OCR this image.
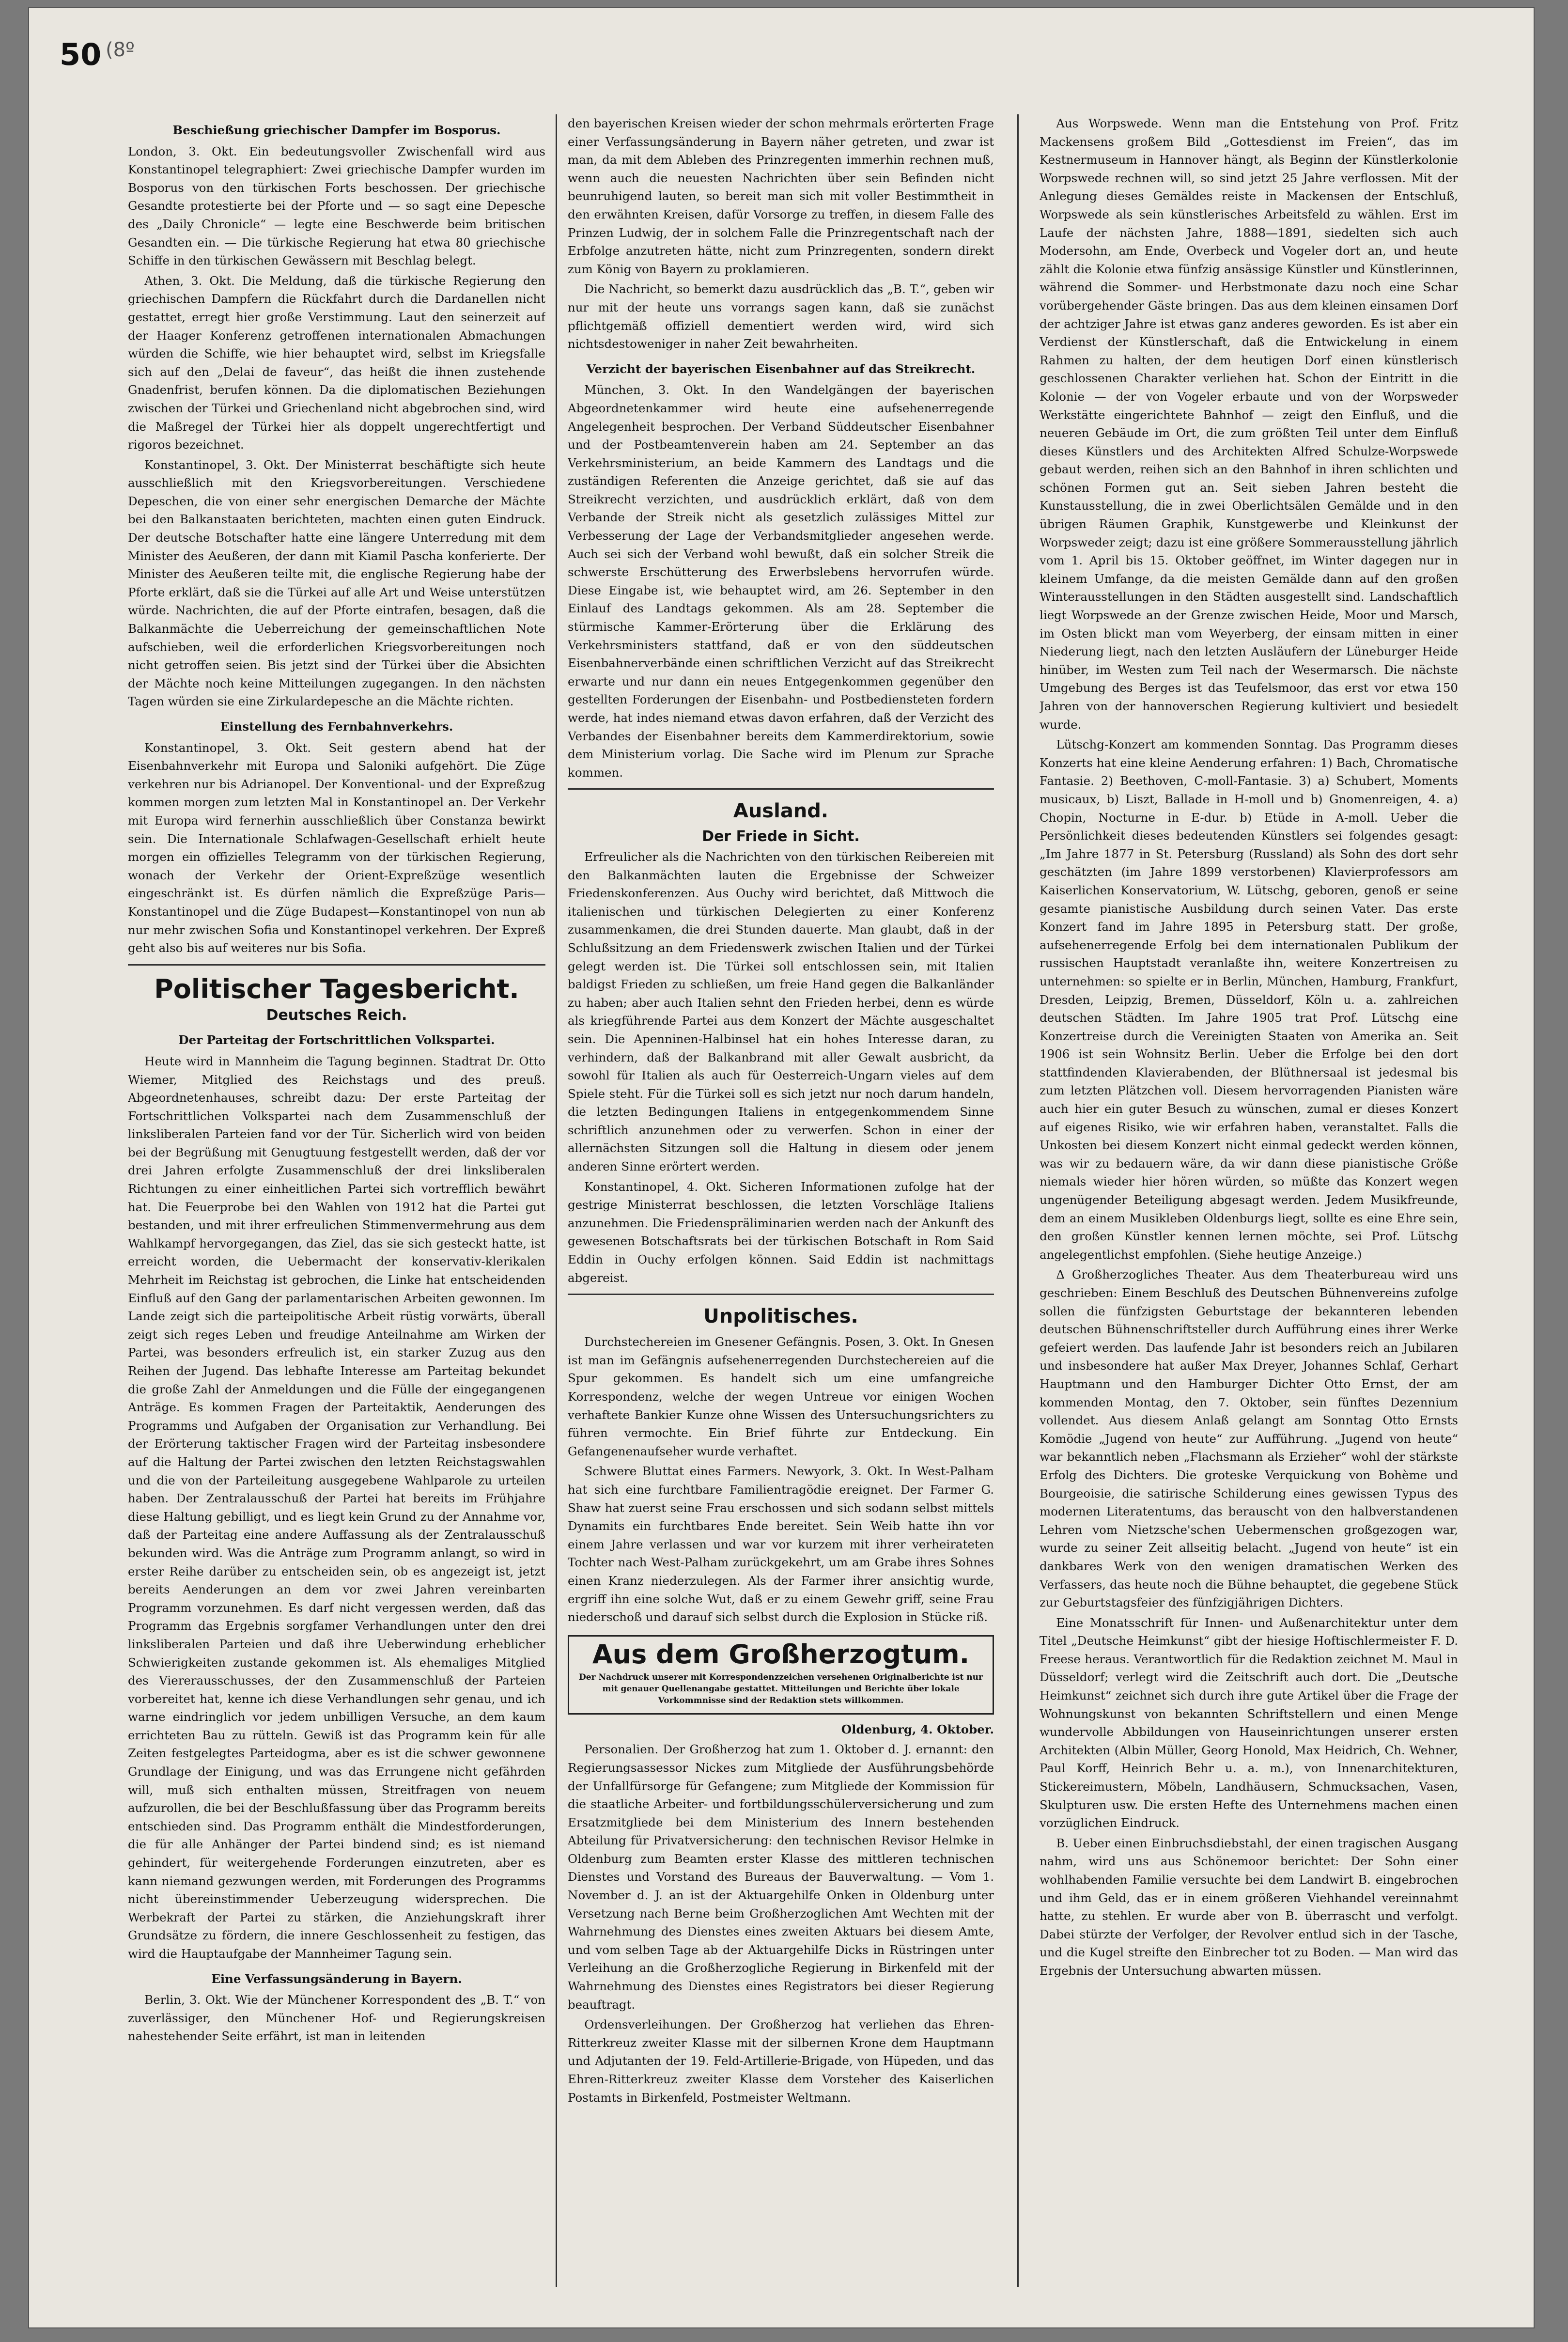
50 (8º
Beschießung griechischer Dampfer im Bosporus.

London, 3. Okt. Ein bedeutungsvoller Zwischenfall wird aus Konstantinopel telegraphiert: Zwei griechische Dampfer wurden im Bosporus von den türkischen Forts beschossen. Der griechische Gesandte protestierte bei der Pforte und — so sagt eine Depesche des „Daily Chronicle“ — legte eine Beschwerde beim britischen Gesandten ein. — Die türkische Regierung hat etwa 80 griechische Schiffe in den türkischen Gewässern mit Beschlag belegt.

Athen, 3. Okt. Die Meldung, daß die türkische Regierung den griechischen Dampfern die Rückfahrt durch die Dardanellen nicht gestattet, erregt hier große Verstimmung. Laut den seinerzeit auf der Haager Konferenz getroffenen internationalen Abmachungen würden die Schiffe, wie hier behauptet wird, selbst im Kriegsfalle sich auf den „Delai de faveur“, das heißt die ihnen zustehende Gnadenfrist, berufen können. Da die diplomatischen Beziehungen zwischen der Türkei und Griechenland nicht abgebrochen sind, wird die Maßregel der Türkei hier als doppelt ungerechtfertigt und rigoros bezeichnet.

Konstantinopel, 3. Okt. Der Ministerrat beschäftigte sich heute ausschließlich mit den Kriegsvorbereitungen. Verschiedene Depeschen, die von einer sehr energischen Demarche der Mächte bei den Balkanstaaten berichteten, machten einen guten Eindruck. Der deutsche Botschafter hatte eine längere Unterredung mit dem Minister des Aeußeren, der dann mit Kiamil Pascha konferierte. Der Minister des Aeußeren teilte mit, die englische Regierung habe der Pforte erklärt, daß sie die Türkei auf alle Art und Weise unterstützen würde. Nachrichten, die auf der Pforte eintrafen, besagen, daß die Balkanmächte die Ueberreichung der gemeinschaftlichen Note aufschieben, weil die erforderlichen Kriegsvorbereitungen noch nicht getroffen seien. Bis jetzt sind der Türkei über die Absichten der Mächte noch keine Mitteilungen zugegangen. In den nächsten Tagen würden sie eine Zirkulardepesche an die Mächte richten.

Einstellung des Fernbahnverkehrs.

Konstantinopel, 3. Okt. Seit gestern abend hat der Eisenbahnverkehr mit Europa und Saloniki aufgehört. Die Züge verkehren nur bis Adrianopel. Der Konventional- und der Expreßzug kommen morgen zum letzten Mal in Konstantinopel an. Der Verkehr mit Europa wird fernerhin ausschließlich über Constanza bewirkt sein. Die Internationale Schlafwagen-Gesellschaft erhielt heute morgen ein offizielles Telegramm von der türkischen Regierung, wonach der Verkehr der Orient-Expreßzüge wesentlich eingeschränkt ist. Es dürfen nämlich die Expreßzüge Paris—Konstantinopel und die Züge Budapest—Konstantinopel von nun ab nur mehr zwischen Sofia und Konstantinopel verkehren. Der Expreß geht also bis auf weiteres nur bis Sofia.

Politischer Tagesbericht.
Deutsches Reich.
Der Parteitag der Fortschrittlichen Volkspartei.

Heute wird in Mannheim die Tagung beginnen. Stadtrat Dr. Otto Wiemer, Mitglied des Reichstags und des preuß. Abgeordnetenhauses, schreibt dazu: Der erste Parteitag der Fortschrittlichen Volkspartei nach dem Zusammenschluß der linksliberalen Parteien fand vor der Tür. Sicherlich wird von beiden bei der Begrüßung mit Genugtuung festgestellt werden, daß der vor drei Jahren erfolgte Zusammenschluß der drei linksliberalen Richtungen zu einer einheitlichen Partei sich vortrefflich bewährt hat. Die Feuerprobe bei den Wahlen von 1912 hat die Partei gut bestanden, und mit ihrer erfreulichen Stimmenvermehrung aus dem Wahlkampf hervorgegangen, das Ziel, das sie sich gesteckt hatte, ist erreicht worden, die Uebermacht der konservativ-klerikalen Mehrheit im Reichstag ist gebrochen, die Linke hat entscheidenden Einfluß auf den Gang der parlamentarischen Arbeiten gewonnen. Im Lande zeigt sich die parteipolitische Arbeit rüstig vorwärts, überall zeigt sich reges Leben und freudige Anteilnahme am Wirken der Partei, was besonders erfreulich ist, ein starker Zuzug aus den Reihen der Jugend. Das lebhafte Interesse am Parteitag bekundet die große Zahl der Anmeldungen und die Fülle der eingegangenen Anträge. Es kommen Fragen der Parteitaktik, Aenderungen des Programms und Aufgaben der Organisation zur Verhandlung. Bei der Erörterung taktischer Fragen wird der Parteitag insbesondere auf die Haltung der Partei zwischen den letzten Reichstagswahlen und die von der Parteileitung ausgegebene Wahlparole zu urteilen haben. Der Zentralausschuß der Partei hat bereits im Frühjahre diese Haltung gebilligt, und es liegt kein Grund zu der Annahme vor, daß der Parteitag eine andere Auffassung als der Zentralausschuß bekunden wird. Was die Anträge zum Programm anlangt, so wird in erster Reihe darüber zu entscheiden sein, ob es angezeigt ist, jetzt bereits Aenderungen an dem vor zwei Jahren vereinbarten Programm vorzunehmen. Es darf nicht vergessen werden, daß das Programm das Ergebnis sorgfamer Verhandlungen unter den drei linksliberalen Parteien und daß ihre Ueberwindung erheblicher Schwierigkeiten zustande gekommen ist. Als ehemaliges Mitglied des Viererausschusses, der den Zusammenschluß der Parteien vorbereitet hat, kenne ich diese Verhandlungen sehr genau, und ich warne eindringlich vor jedem unbilligen Versuche, an dem kaum errichteten Bau zu rütteln. Gewiß ist das Programm kein für alle Zeiten festgelegtes Parteidogma, aber es ist die schwer gewonnene Grundlage der Einigung, und was das Errungene nicht gefährden will, muß sich enthalten müssen, Streitfragen von neuem aufzurollen, die bei der Beschlußfassung über das Programm bereits entschieden sind. Das Programm enthält die Mindestforderungen, die für alle Anhänger der Partei bindend sind; es ist niemand gehindert, für weitergehende Forderungen einzutreten, aber es kann niemand gezwungen werden, mit Forderungen des Programms nicht übereinstimmender Ueberzeugung widersprechen. Die Werbekraft der Partei zu stärken, die Anziehungskraft ihrer Grundsätze zu fördern, die innere Geschlossenheit zu festigen, das wird die Hauptaufgabe der Mannheimer Tagung sein.

Eine Verfassungsänderung in Bayern.

Berlin, 3. Okt. Wie der Münchener Korrespondent des „B. T.“ von zuverlässiger, den Münchener Hof- und Regierungskreisen nahestehender Seite erfährt, ist man in leitenden

den bayerischen Kreisen wieder der schon mehrmals erörterten Frage einer Verfassungsänderung in Bayern näher getreten, und zwar ist man, da mit dem Ableben des Prinzregenten immerhin rechnen muß, wenn auch die neuesten Nachrichten über sein Befinden nicht beunruhigend lauten, so bereit man sich mit voller Bestimmtheit in den erwähnten Kreisen, dafür Vorsorge zu treffen, in diesem Falle des Prinzen Ludwig, der in solchem Falle die Prinzregentschaft nach der Erbfolge anzutreten hätte, nicht zum Prinzregenten, sondern direkt zum König von Bayern zu proklamieren.

Die Nachricht, so bemerkt dazu ausdrücklich das „B. T.“, geben wir nur mit der heute uns vorrangs sagen kann, daß sie zunächst pflichtgemäß offiziell dementiert werden wird, wird sich nichtsdestoweniger in naher Zeit bewahrheiten.

Verzicht der bayerischen Eisenbahner auf das Streikrecht.

München, 3. Okt. In den Wandelgängen der bayerischen Abgeordnetenkammer wird heute eine aufsehenerregende Angelegenheit besprochen. Der Verband Süddeutscher Eisenbahner und der Postbeamtenverein haben am 24. September an das Verkehrsministerium, an beide Kammern des Landtags und die zuständigen Referenten die Anzeige gerichtet, daß sie auf das Streikrecht verzichten, und ausdrücklich erklärt, daß von dem Verbande der Streik nicht als gesetzlich zulässiges Mittel zur Verbesserung der Lage der Verbandsmitglieder angesehen werde. Auch sei sich der Verband wohl bewußt, daß ein solcher Streik die schwerste Erschütterung des Erwerbslebens hervorrufen würde. Diese Eingabe ist, wie behauptet wird, am 26. September in den Einlauf des Landtags gekommen. Als am 28. September die stürmische Kammer-Erörterung über die Erklärung des Verkehrsministers stattfand, daß er von den süddeutschen Eisenbahnerverbände einen schriftlichen Verzicht auf das Streikrecht erwarte und nur dann ein neues Entgegenkommen gegenüber den gestellten Forderungen der Eisenbahn- und Postbediensteten fordern werde, hat indes niemand etwas davon erfahren, daß der Verzicht des Verbandes der Eisenbahner bereits dem Kammerdirektorium, sowie dem Ministerium vorlag. Die Sache wird im Plenum zur Sprache kommen.

Ausland.
Der Friede in Sicht.

Erfreulicher als die Nachrichten von den türkischen Reibereien mit den Balkanmächten lauten die Ergebnisse der Schweizer Friedenskonferenzen. Aus Ouchy wird berichtet, daß Mittwoch die italienischen und türkischen Delegierten zu einer Konferenz zusammenkamen, die drei Stunden dauerte. Man glaubt, daß in der Schlußsitzung an dem Friedenswerk zwischen Italien und der Türkei gelegt werden ist. Die Türkei soll entschlossen sein, mit Italien baldigst Frieden zu schließen, um freie Hand gegen die Balkanländer zu haben; aber auch Italien sehnt den Frieden herbei, denn es würde als kriegführende Partei aus dem Konzert der Mächte ausgeschaltet sein. Die Apenninen-Halbinsel hat ein hohes Interesse daran, zu verhindern, daß der Balkanbrand mit aller Gewalt ausbricht, da sowohl für Italien als auch für Oesterreich-Ungarn vieles auf dem Spiele steht. Für die Türkei soll es sich jetzt nur noch darum handeln, die letzten Bedingungen Italiens in entgegenkommendem Sinne schriftlich anzunehmen oder zu verwerfen. Schon in einer der allernächsten Sitzungen soll die Haltung in diesem oder jenem anderen Sinne erörtert werden.

Konstantinopel, 4. Okt. Sicheren Informationen zufolge hat der gestrige Ministerrat beschlossen, die letzten Vorschläge Italiens anzunehmen. Die Friedenspräliminarien werden nach der Ankunft des gewesenen Botschaftsrats bei der türkischen Botschaft in Rom Said Eddin in Ouchy erfolgen können. Said Eddin ist nachmittags abgereist.

Unpolitisches.

Durchstechereien im Gnesener Gefängnis. Posen, 3. Okt. In Gnesen ist man im Gefängnis aufsehenerregenden Durchstechereien auf die Spur gekommen. Es handelt sich um eine umfangreiche Korrespondenz, welche der wegen Untreue vor einigen Wochen verhaftete Bankier Kunze ohne Wissen des Untersuchungsrichters zu führen vermochte. Ein Brief führte zur Entdeckung. Ein Gefangenenaufseher wurde verhaftet.

Schwere Bluttat eines Farmers. Newyork, 3. Okt. In West-Palham hat sich eine furchtbare Familientragödie ereignet. Der Farmer G. Shaw hat zuerst seine Frau erschossen und sich sodann selbst mittels Dynamits ein furchtbares Ende bereitet. Sein Weib hatte ihn vor einem Jahre verlassen und war vor kurzem mit ihrer verheirateten Tochter nach West-Palham zurückgekehrt, um am Grabe ihres Sohnes einen Kranz niederzulegen. Als der Farmer ihrer ansichtig wurde, ergriff ihn eine solche Wut, daß er zu einem Gewehr griff, seine Frau niederschoß und darauf sich selbst durch die Explosion in Stücke riß.

Aus dem Großherzogtum.
Der Nachdruck unserer mit Korrespondenzzeichen versehenen Originalberichte ist nur mit genauer Quellenangabe gestattet. Mitteilungen und Berichte über lokale Vorkommnisse sind der Redaktion stets willkommen.
Oldenburg, 4. Oktober.

Personalien. Der Großherzog hat zum 1. Oktober d. J. ernannt: den Regierungsassessor Nickes zum Mitgliede der Ausführungsbehörde der Unfallfürsorge für Gefangene; zum Mitgliede der Kommission für die staatliche Arbeiter- und fortbildungsschülerversicherung und zum Ersatzmitgliede bei dem Ministerium des Innern bestehenden Abteilung für Privatversicherung: den technischen Revisor Helmke in Oldenburg zum Beamten erster Klasse des mittleren technischen Dienstes und Vorstand des Bureaus der Bauverwaltung. — Vom 1. November d. J. an ist der Aktuargehilfe Onken in Oldenburg unter Versetzung nach Berne beim Großherzoglichen Amt Wechten mit der Wahrnehmung des Dienstes eines zweiten Aktuars bei diesem Amte, und vom selben Tage ab der Aktuargehilfe Dicks in Rüstringen unter Verleihung an die Großherzogliche Regierung in Birkenfeld mit der Wahrnehmung des Dienstes eines Registrators bei dieser Regierung beauftragt.

Ordensverleihungen. Der Großherzog hat verliehen das Ehren-Ritterkreuz zweiter Klasse mit der silbernen Krone dem Hauptmann und Adjutanten der 19. Feld-Artillerie-Brigade, von Hüpeden, und das Ehren-Ritterkreuz zweiter Klasse dem Vorsteher des Kaiserlichen Postamts in Birkenfeld, Postmeister Weltmann.

Aus Worpswede. Wenn man die Entstehung von Prof. Fritz Mackensens großem Bild „Gottesdienst im Freien“, das im Kestnermuseum in Hannover hängt, als Beginn der Künstlerkolonie Worpswede rechnen will, so sind jetzt 25 Jahre verflossen. Mit der Anlegung dieses Gemäldes reiste in Mackensen der Entschluß, Worpswede als sein künstlerisches Arbeitsfeld zu wählen. Erst im Laufe der nächsten Jahre, 1888—1891, siedelten sich auch Modersohn, am Ende, Overbeck und Vogeler dort an, und heute zählt die Kolonie etwa fünfzig ansässige Künstler und Künstlerinnen, während die Sommer- und Herbstmonate dazu noch eine Schar vorübergehender Gäste bringen. Das aus dem kleinen einsamen Dorf der achtziger Jahre ist etwas ganz anderes geworden. Es ist aber ein Verdienst der Künstlerschaft, daß die Entwickelung in einem Rahmen zu halten, der dem heutigen Dorf einen künstlerisch geschlossenen Charakter verliehen hat. Schon der Eintritt in die Kolonie — der von Vogeler erbaute und von der Worpsweder Werkstätte eingerichtete Bahnhof — zeigt den Einfluß, und die neueren Gebäude im Ort, die zum größten Teil unter dem Einfluß dieses Künstlers und des Architekten Alfred Schulze-Worpswede gebaut werden, reihen sich an den Bahnhof in ihren schlichten und schönen Formen gut an. Seit sieben Jahren besteht die Kunstausstellung, die in zwei Oberlichtsälen Gemälde und in den übrigen Räumen Graphik, Kunstgewerbe und Kleinkunst der Worpsweder zeigt; dazu ist eine größere Sommerausstellung jährlich vom 1. April bis 15. Oktober geöffnet, im Winter dagegen nur in kleinem Umfange, da die meisten Gemälde dann auf den großen Winterausstellungen in den Städten ausgestellt sind. Landschaftlich liegt Worpswede an der Grenze zwischen Heide, Moor und Marsch, im Osten blickt man vom Weyerberg, der einsam mitten in einer Niederung liegt, nach den letzten Ausläufern der Lüneburger Heide hinüber, im Westen zum Teil nach der Wesermarsch. Die nächste Umgebung des Berges ist das Teufelsmoor, das erst vor etwa 150 Jahren von der hannoverschen Regierung kultiviert und besiedelt wurde.

Lütschg-Konzert am kommenden Sonntag. Das Programm dieses Konzerts hat eine kleine Aenderung erfahren: 1) Bach, Chromatische Fantasie. 2) Beethoven, C-moll-Fantasie. 3) a) Schubert, Moments musicaux, b) Liszt, Ballade in H-moll und b) Gnomenreigen, 4. a) Chopin, Nocturne in E-dur. b) Etüde in A-moll. Ueber die Persönlichkeit dieses bedeutenden Künstlers sei folgendes gesagt: „Im Jahre 1877 in St. Petersburg (Russland) als Sohn des dort sehr geschätzten (im Jahre 1899 verstorbenen) Klavierprofessors am Kaiserlichen Konservatorium, W. Lütschg, geboren, genoß er seine gesamte pianistische Ausbildung durch seinen Vater. Das erste Konzert fand im Jahre 1895 in Petersburg statt. Der große, aufsehenerregende Erfolg bei dem internationalen Publikum der russischen Hauptstadt veranlaßte ihn, weitere Konzertreisen zu unternehmen: so spielte er in Berlin, München, Hamburg, Frankfurt, Dresden, Leipzig, Bremen, Düsseldorf, Köln u. a. zahlreichen deutschen Städten. Im Jahre 1905 trat Prof. Lütschg eine Konzertreise durch die Vereinigten Staaten von Amerika an. Seit 1906 ist sein Wohnsitz Berlin. Ueber die Erfolge bei den dort stattfindenden Klavierabenden, der Blüthnersaal ist jedesmal bis zum letzten Plätzchen voll. Diesem hervorragenden Pianisten wäre auch hier ein guter Besuch zu wünschen, zumal er dieses Konzert auf eigenes Risiko, wie wir erfahren haben, veranstaltet. Falls die Unkosten bei diesem Konzert nicht einmal gedeckt werden können, was wir zu bedauern wäre, da wir dann diese pianistische Größe niemals wieder hier hören würden, so müßte das Konzert wegen ungenügender Beteiligung abgesagt werden. Jedem Musikfreunde, dem an einem Musikleben Oldenburgs liegt, sollte es eine Ehre sein, den großen Künstler kennen lernen möchte, sei Prof. Lütschg angelegentlichst empfohlen. (Siehe heutige Anzeige.)

Δ Großherzogliches Theater. Aus dem Theaterbureau wird uns geschrieben: Einem Beschluß des Deutschen Bühnenvereins zufolge sollen die fünfzigsten Geburtstage der bekannteren lebenden deutschen Bühnenschriftsteller durch Aufführung eines ihrer Werke gefeiert werden. Das laufende Jahr ist besonders reich an Jubilaren und insbesondere hat außer Max Dreyer, Johannes Schlaf, Gerhart Hauptmann und den Hamburger Dichter Otto Ernst, der am kommenden Montag, den 7. Oktober, sein fünftes Dezennium vollendet. Aus diesem Anlaß gelangt am Sonntag Otto Ernsts Komödie „Jugend von heute“ zur Aufführung. „Jugend von heute“ war bekanntlich neben „Flachsmann als Erzieher“ wohl der stärkste Erfolg des Dichters. Die groteske Verquickung von Bohème und Bourgeoisie, die satirische Schilderung eines gewissen Typus des modernen Literatentums, das berauscht von den halbverstandenen Lehren vom Nietzsche'schen Uebermenschen großgezogen war, wurde zu seiner Zeit allseitig belacht. „Jugend von heute“ ist ein dankbares Werk von den wenigen dramatischen Werken des Verfassers, das heute noch die Bühne behauptet, die gegebene Stück zur Geburtstagsfeier des fünfzigjährigen Dichters.

Eine Monatsschrift für Innen- und Außenarchitektur unter dem Titel „Deutsche Heimkunst“ gibt der hiesige Hoftischlermeister F. D. Freese heraus. Verantwortlich für die Redaktion zeichnet M. Maul in Düsseldorf; verlegt wird die Zeitschrift auch dort. Die „Deutsche Heimkunst“ zeichnet sich durch ihre gute Artikel über die Frage der Wohnungskunst von bekannten Schriftstellern und einen Menge wundervolle Abbildungen von Hauseinrichtungen unserer ersten Architekten (Albin Müller, Georg Honold, Max Heidrich, Ch. Wehner, Paul Korff, Heinrich Behr u. a. m.), von Innenarchitekturen, Stickereimustern, Möbeln, Landhäusern, Schmucksachen, Vasen, Skulpturen usw. Die ersten Hefte des Unternehmens machen einen vorzüglichen Eindruck.

B. Ueber einen Einbruchsdiebstahl, der einen tragischen Ausgang nahm, wird uns aus Schönemoor berichtet: Der Sohn einer wohlhabenden Familie versuchte bei dem Landwirt B. eingebrochen und ihm Geld, das er in einem größeren Viehhandel vereinnahmt hatte, zu stehlen. Er wurde aber von B. überrascht und verfolgt. Dabei stürzte der Verfolger, der Revolver entlud sich in der Tasche, und die Kugel streifte den Einbrecher tot zu Boden. — Man wird das Ergebnis der Untersuchung abwarten müssen.
